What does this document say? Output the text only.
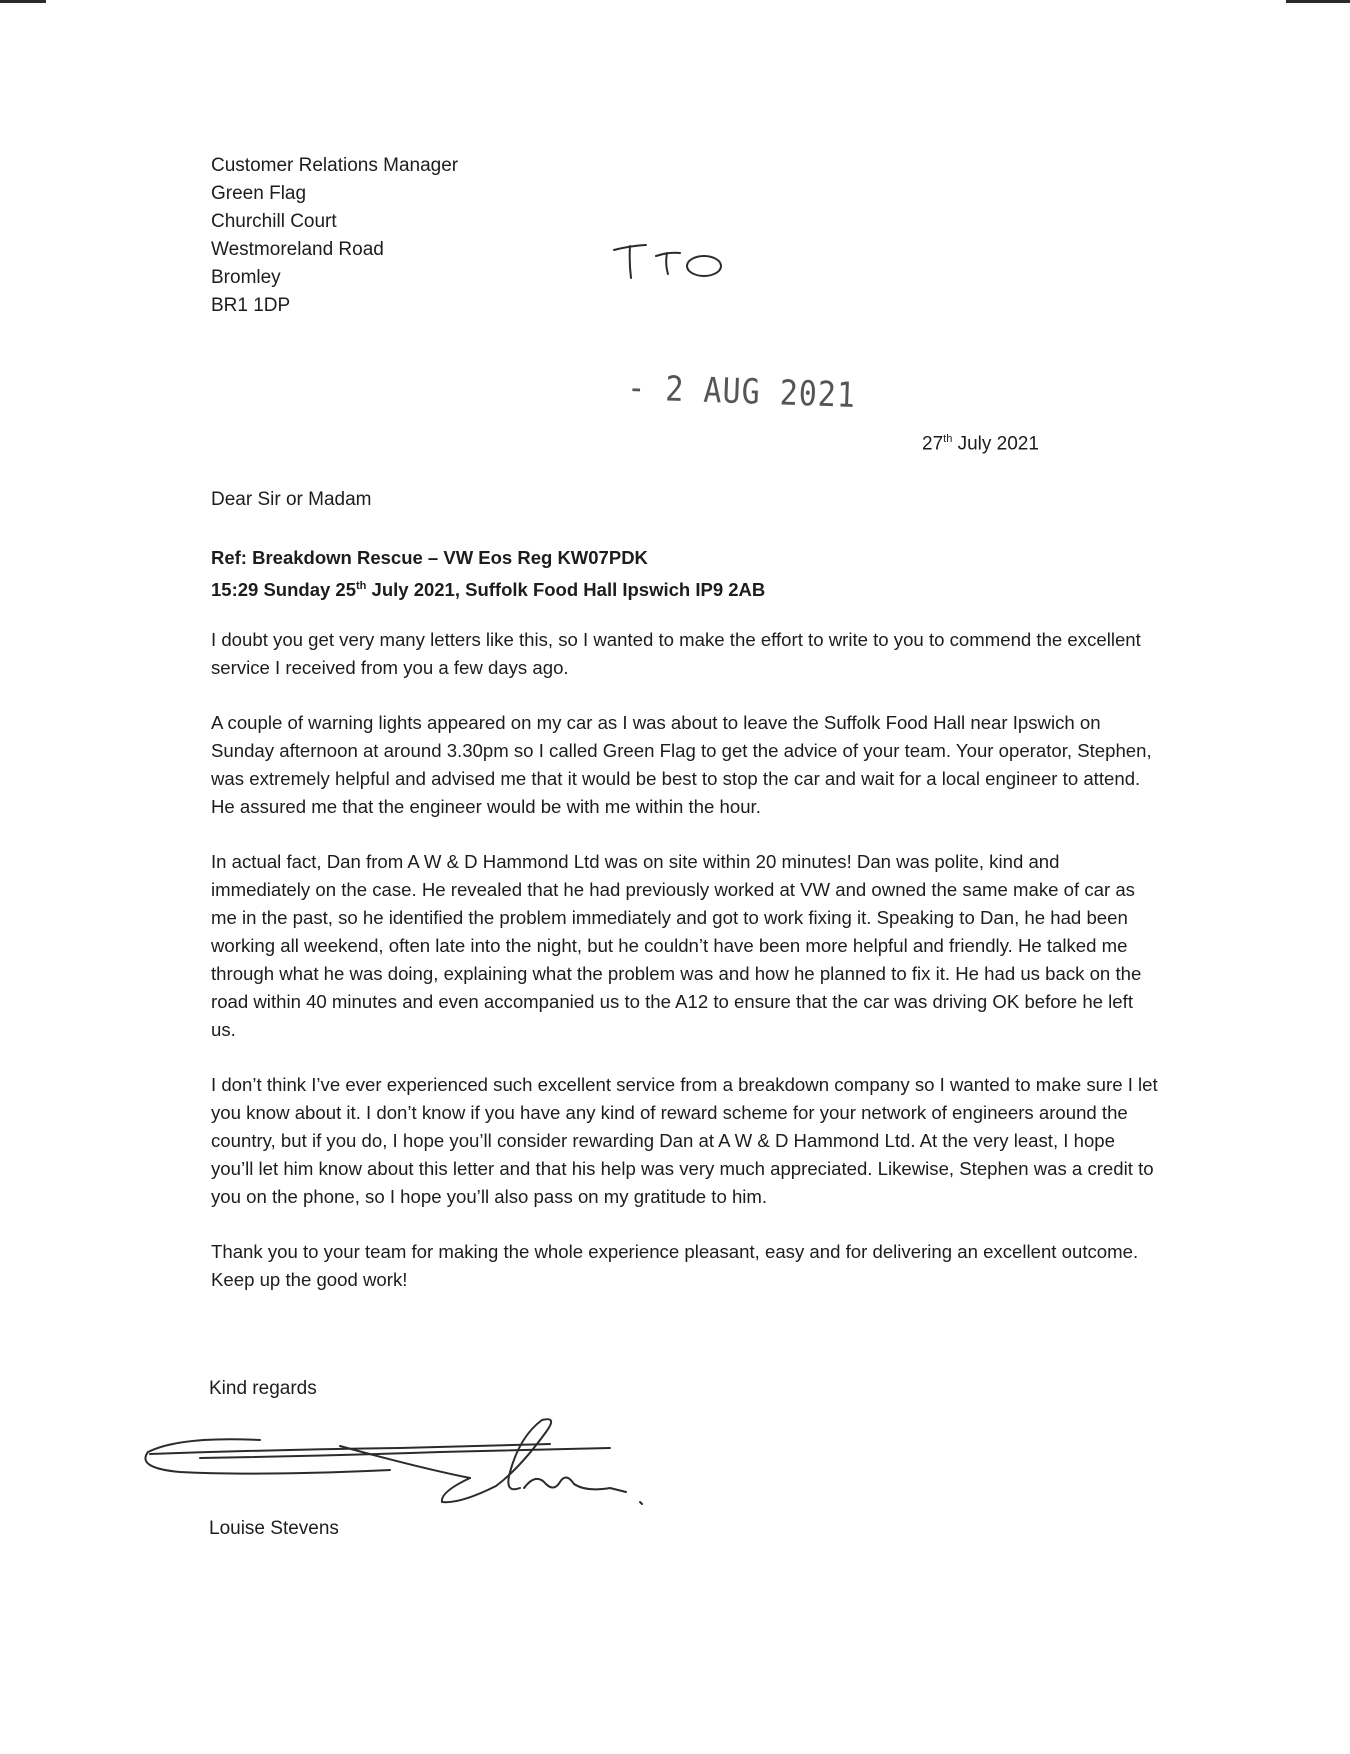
Customer Relations Manager
Green Flag
Churchill Court
Westmoreland Road
Bromley
BR1 1DP
- 2 AUG 2021
27th July 2021
Dear Sir or Madam
Ref: Breakdown Rescue – VW Eos Reg KW07PDK
15:29 Sunday 25th July 2021, Suffolk Food Hall Ipswich IP9 2AB

I doubt you get very many letters like this, so I wanted to make the effort to write to you to commend the excellent service I received from you a few days ago.

A couple of warning lights appeared on my car as I was about to leave the Suffolk Food Hall near Ipswich on Sunday afternoon at around 3.30pm so I called Green Flag to get the advice of your team. Your operator, Stephen, was extremely helpful and advised me that it would be best to stop the car and wait for a local engineer to attend. He assured me that the engineer would be with me within the hour.

In actual fact, Dan from A W & D Hammond Ltd was on site within 20 minutes! Dan was polite, kind and immediately on the case. He revealed that he had previously worked at VW and owned the same make of car as me in the past, so he identified the problem immediately and got to work fixing it. Speaking to Dan, he had been working all weekend, often late into the night, but he couldn’t have been more helpful and friendly. He talked me through what he was doing, explaining what the problem was and how he planned to fix it. He had us back on the road within 40 minutes and even accompanied us to the A12 to ensure that the car was driving OK before he left us.

I don’t think I’ve ever experienced such excellent service from a breakdown company so I wanted to make sure I let you know about it. I don’t know if you have any kind of reward scheme for your network of engineers around the country, but if you do, I hope you’ll consider rewarding Dan at A W & D Hammond Ltd. At the very least, I hope you’ll let him know about this letter and that his help was very much appreciated. Likewise, Stephen was a credit to you on the phone, so I hope you’ll also pass on my gratitude to him.

Thank you to your team for making the whole experience pleasant, easy and for delivering an excellent outcome. Keep up the good work!

Kind regards
Louise Stevens
